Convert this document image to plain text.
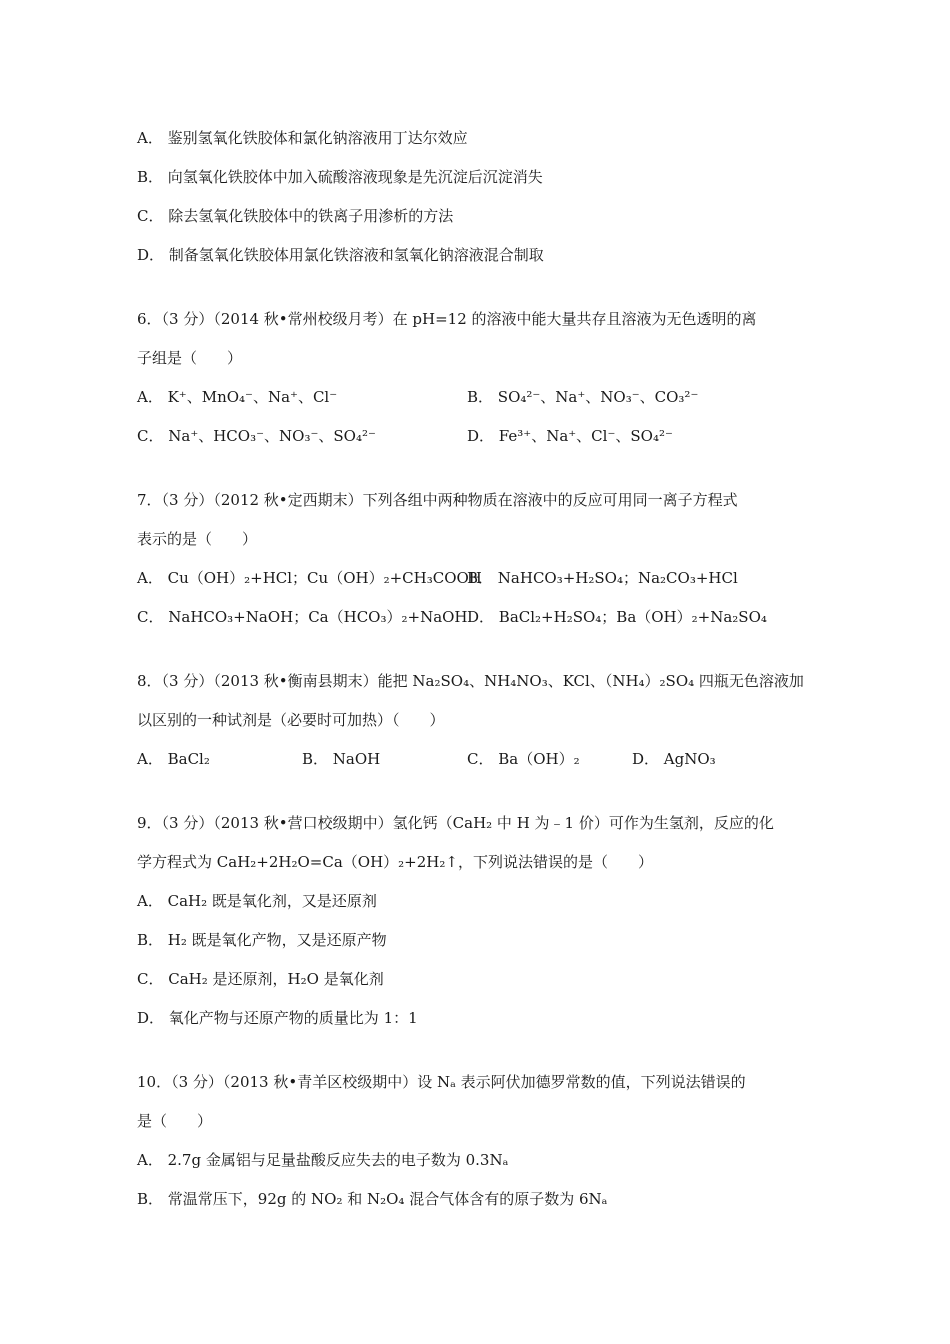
A． 鉴别氢氧化铁胶体和氯化钠溶液用丁达尔效应
B． 向氢氧化铁胶体中加入硫酸溶液现象是先沉淀后沉淀消失
C． 除去氢氧化铁胶体中的铁离子用渗析的方法
D． 制备氢氧化铁胶体用氯化铁溶液和氢氧化钠溶液混合制取
6．（3 分）（2014 秋•常州校级月考）在 pH=12 的溶液中能大量共存且溶液为无色透明的离
子组是（　　）
A． K⁺、MnO₄⁻、Na⁺、Cl⁻	B． SO₄²⁻、Na⁺、NO₃⁻、CO₃²⁻
C． Na⁺、HCO₃⁻、NO₃⁻、SO₄²⁻	D． Fe³⁺、Na⁺、Cl⁻、SO₄²⁻
7．（3 分）（2012 秋•定西期末）下列各组中两种物质在溶液中的反应可用同一离子方程式
表示的是（　　）
A． Cu（OH）₂+HCl；Cu（OH）₂+CH₃COOH
B． NaHCO₃+H₂SO₄；Na₂CO₃+HCl
C． NaHCO₃+NaOH；Ca（HCO₃）₂+NaOH D． BaCl₂+H₂SO₄；Ba（OH）₂+Na₂SO₄
8．（3 分）（2013 秋•衡南县期末）能把 Na₂SO₄、NH₄NO₃、KCl、（NH₄）₂SO₄ 四瓶无色溶液加
以区别的一种试剂是（必要时可加热）（　　）
A． BaCl₂	B． NaOH	C． Ba（OH）₂	D． AgNO₃
9．（3 分）（2013 秋•营口校级期中）氢化钙（CaH₂ 中 H 为﹣1 价）可作为生氢剂，反应的化
学方程式为 CaH₂+2H₂O=Ca（OH）₂+2H₂↑，下列说法错误的是（　　）
A． CaH₂ 既是氧化剂，又是还原剂
B． H₂ 既是氧化产物，又是还原产物
C． CaH₂ 是还原剂，H₂O 是氧化剂
D． 氧化产物与还原产物的质量比为 1：1
10．（3 分）（2013 秋•青羊区校级期中）设 Nₐ 表示阿伏加德罗常数的值，下列说法错误的
是（　　）
A． 2.7g 金属铝与足量盐酸反应失去的电子数为 0.3Nₐ
B． 常温常压下，92g 的 NO₂ 和 N₂O₄ 混合气体含有的原子数为 6Nₐ
